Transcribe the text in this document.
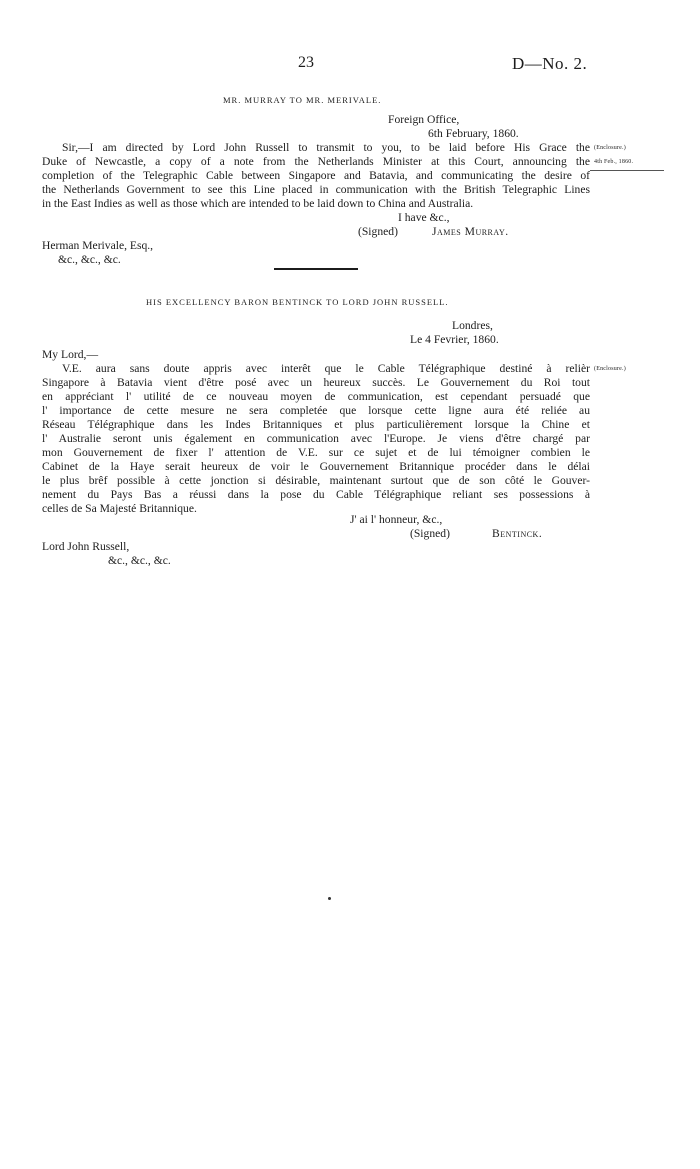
23	D—No. 2.
MR. MURRAY TO MR. MERIVALE.
Foreign Office,
6th February, 1860.
Sir,—I am directed by Lord John Russell to transmit to you, to be laid before His Grace the
Duke of Newcastle, a copy of a note from the Netherlands Minister at this Court, announcing the
completion of the Telegraphic Cable between Singapore and Batavia, and communicating the desire of
the Netherlands Government to see this Line placed in communication with the British Telegraphic Lines
in the East Indies as well as those which are intended to be laid down to China and Australia.
(Enclosure.)
4th Feb., 1860.
I have &c.,
(Signed)	James Murray.
Herman Merivale, Esq.,
&c., &c., &c.
HIS EXCELLENCY BARON BENTINCK TO LORD JOHN RUSSELL.
Londres,
Le 4 Fevrier, 1860.
My Lord,—
V.E. aura sans doute appris avec interêt que le Cable Télégraphique destiné à relièr
Singapore à Batavia vient d'être posé avec un heureux succès. Le Gouvernement du Roi tout
en appréciant l' utilité de ce nouveau moyen de communication, est cependant persuadé que
l' importance de cette mesure ne sera completée que lorsque cette ligne aura été reliée au
Réseau Télégraphique dans les Indes Britanniques et plus particulièrement lorsque la Chine et
l' Australie seront unis également en communication avec l'Europe. Je viens d'être chargé par
mon Gouvernement de fixer l' attention de V.E. sur ce sujet et de lui témoigner combien le
Cabinet de la Haye serait heureux de voir le Gouvernement Britannique procéder dans le délai
le plus brêf possible à cette jonction si désirable, maintenant surtout que de son côté le Gouver-
nement du Pays Bas a réussi dans la pose du Cable Télégraphique reliant ses possessions à
celles de Sa Majesté Britannique.
(Enclosure.)
J' ai l' honneur, &c.,
(Signed)	Bentinck.
Lord John Russell,
&c., &c., &c.
